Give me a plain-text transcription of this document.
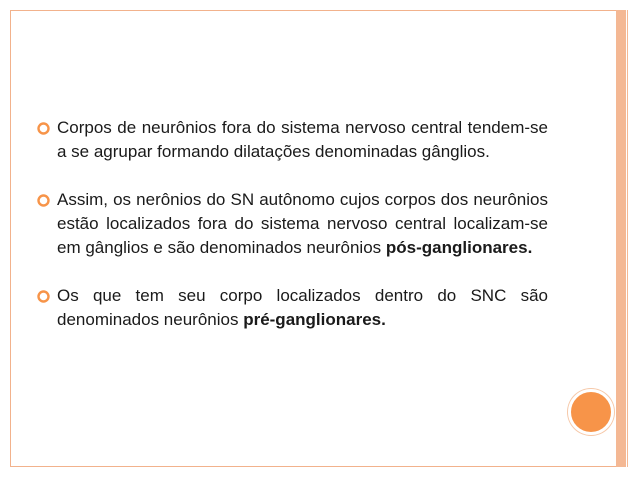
Corpos de neurônios fora do sistema nervoso central tendem-se a se agrupar formando dilatações denominadas gânglios.
Assim, os nerônios do SN autônomo cujos corpos dos neurônios estão localizados fora do sistema nervoso central localizam-se em gânglios e são denominados neurônios pós-ganglionares.
Os que tem seu corpo localizados dentro do SNC são denominados neurônios pré-ganglionares.
